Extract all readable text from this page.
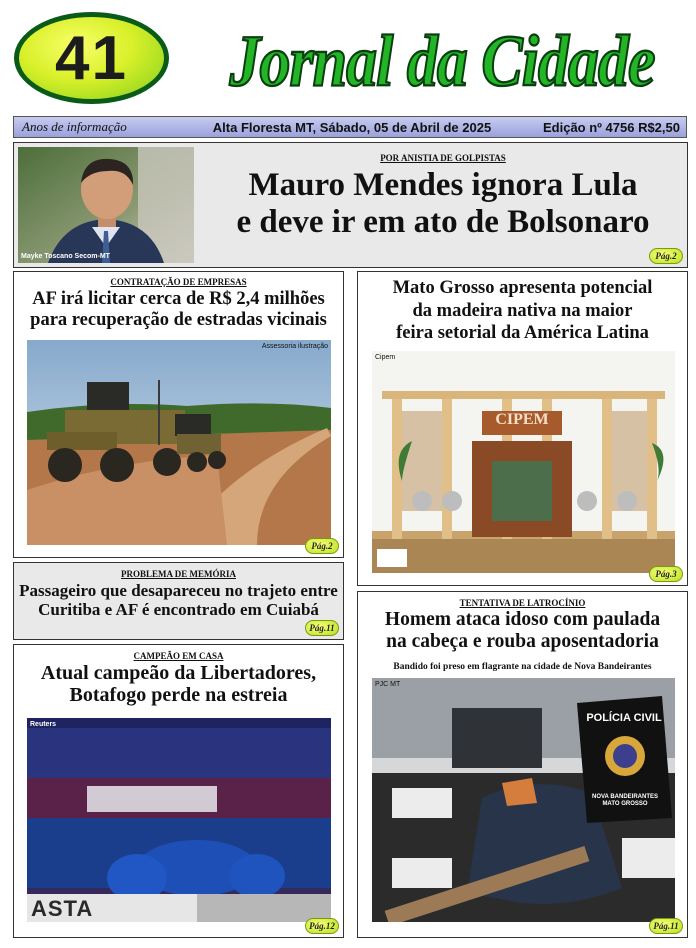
41	Jornal da Cidade
Anos de informação	Alta Floresta MT, Sábado, 05 de Abril de 2025	Edição nº 4756 R$2,50
Mayke Toscano Secom-MT
POR ANISTIA DE GOLPISTAS
Mauro Mendes ignora Lula
e deve ir em ato de Bolsonaro
Pág.2
CONTRATAÇÃO DE EMPRESAS
AF irá licitar cerca de R$ 2,4 milhões
para recuperação de estradas vicinais
Assessoria ilustração
Pág.2
Mato Grosso apresenta potencial
da madeira nativa na maior
feira setorial da América Latina
CIPEM
Cipem
Pág.3
PROBLEMA DE MEMÓRIA
Passageiro que desapareceu no trajeto entre
Curitiba e AF é encontrado em Cuiabá
Pág.11
TENTATIVA DE LATROCÍNIO
Homem ataca idoso com paulada
na cabeça e rouba aposentadoria
Bandido foi preso em flagrante na cidade de Nova Bandeirantes
POLÍCIA CIVIL
NOVA BANDEIRANTES
MATO GROSSO
PJC MT
Pág.11
CAMPEÃO EM CASA
Atual campeão da Libertadores,
Botafogo perde na estreia
ASTA
Reuters
Pág.12
